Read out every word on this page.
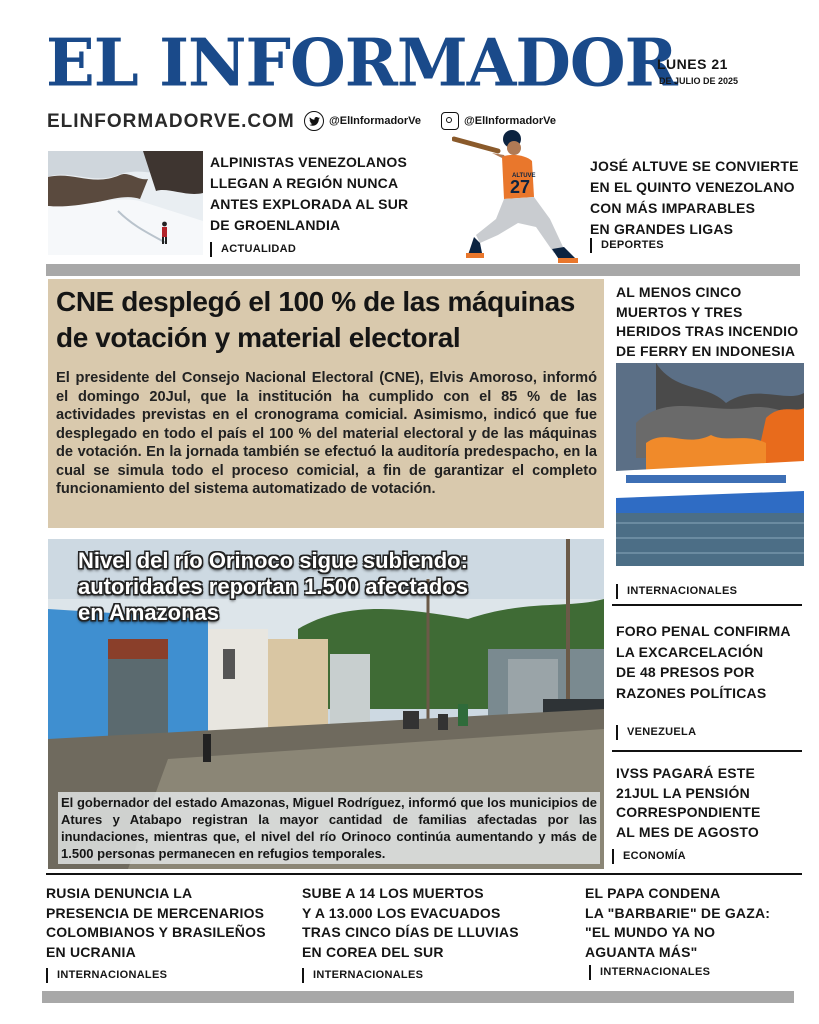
EL INFORMADOR
LUNES 21
DE JULIO DE 2025
ELINFORMADORVE.COM	@ElInformadorVe	@ElInformadorVe
ALPINISTAS VENEZOLANOS
LLEGAN A REGIÓN NUNCA
ANTES EXPLORADA AL SUR
DE GROENLANDIA
ACTUALIDAD
ALTUVE
27
JOSÉ ALTUVE SE CONVIERTE
EN EL QUINTO VENEZOLANO
CON MÁS IMPARABLES
EN GRANDES LIGAS
DEPORTES
CNE desplegó el 100 % de las máquinas
de votación y material electoral
El presidente del Consejo Nacional Electoral (CNE), Elvis Amoroso, informó el domingo 20Jul, que la institución ha cumplido con el 85 % de las actividades previstas en el cronograma comicial. Asimismo, indicó que fue desplegado en todo el país el 100 % del material electoral y de las máquinas de votación. En la jornada también se efectuó la auditoría predespacho, en la cual se simula todo el proceso comicial, a fin de garantizar el completo funcionamiento del sistema automatizado de votación.
Nivel del río Orinoco sigue subiendo:
autoridades reportan 1.500 afectados
en Amazonas
El gobernador del estado Amazonas, Miguel Rodríguez, informó que los municipios de Atures y Atabapo registran la mayor cantidad de familias afectadas por las inundaciones, mientras que, el nivel del río Orinoco continúa aumentando y más de 1.500 personas permanecen en refugios temporales.
AL MENOS CINCO
MUERTOS Y TRES
HERIDOS TRAS INCENDIO
DE FERRY EN INDONESIA
INTERNACIONALES
FORO PENAL CONFIRMA
LA EXCARCELACIÓN
DE 48 PRESOS POR
RAZONES POLÍTICAS
VENEZUELA
IVSS PAGARÁ ESTE
21JUL LA PENSIÓN
CORRESPONDIENTE
AL MES DE AGOSTO
ECONOMÍA
RUSIA DENUNCIA LA
PRESENCIA DE MERCENARIOS
COLOMBIANOS Y BRASILEÑOS
EN UCRANIA
INTERNACIONALES
SUBE A 14 LOS MUERTOS
Y A 13.000 LOS EVACUADOS
TRAS CINCO DÍAS DE LLUVIAS
EN COREA DEL SUR
INTERNACIONALES
EL PAPA CONDENA
LA "BARBARIE" DE GAZA:
"EL MUNDO YA NO
AGUANTA MÁS"
INTERNACIONALES
